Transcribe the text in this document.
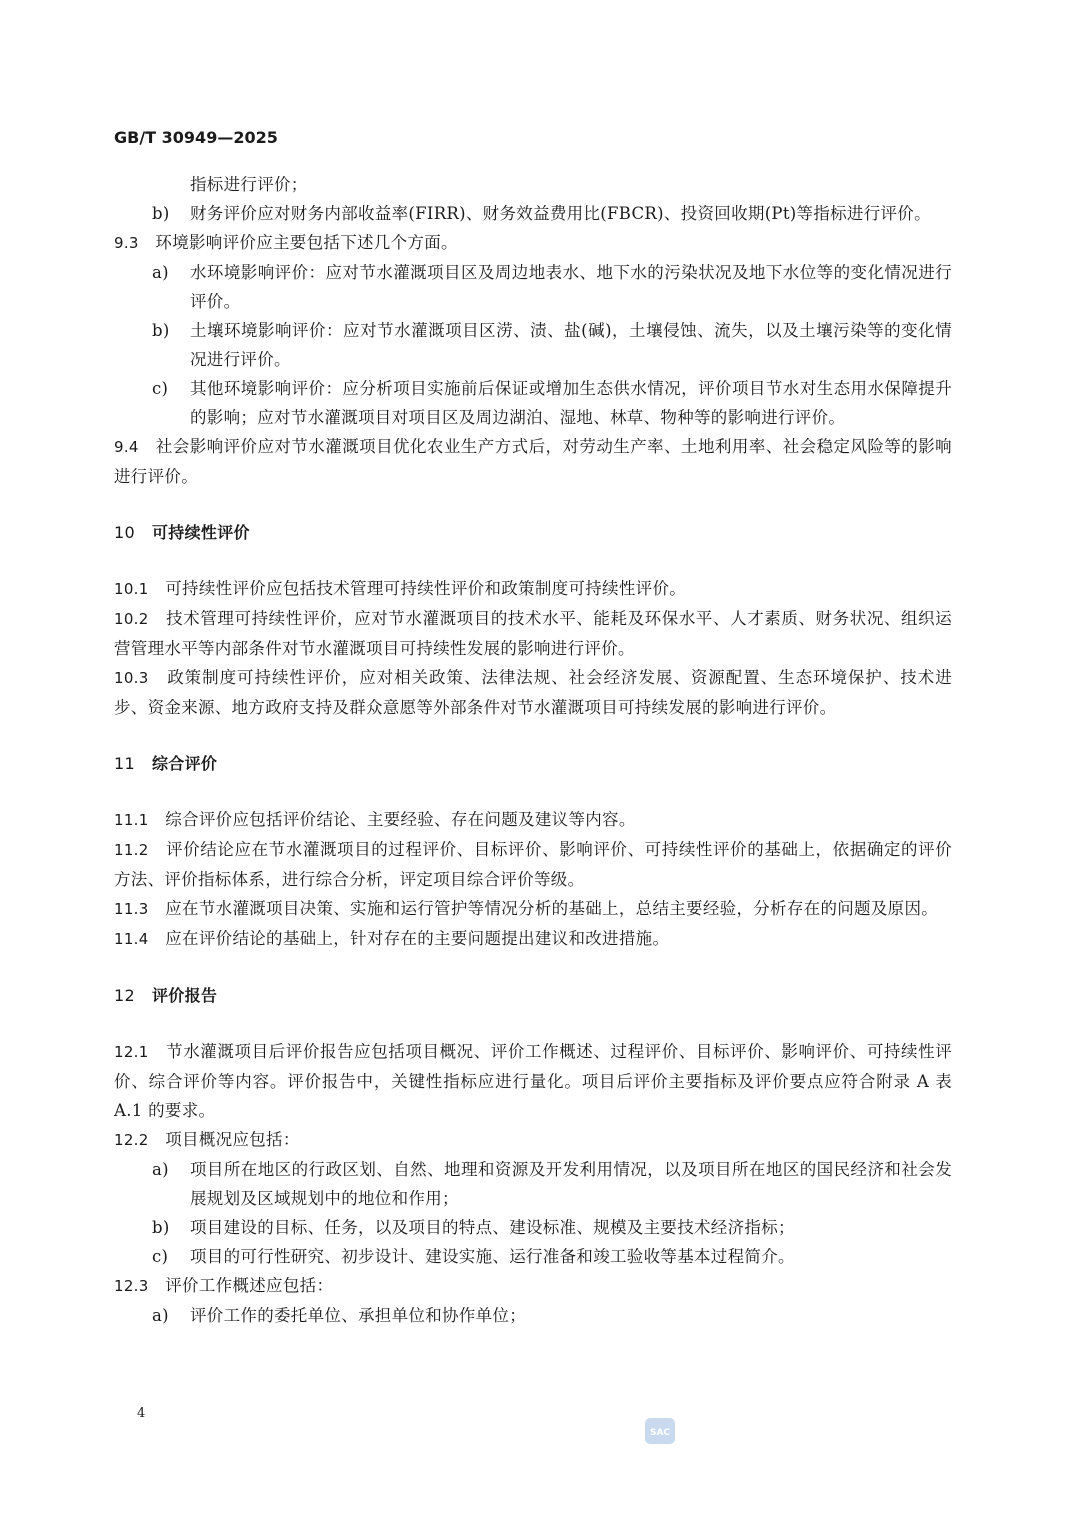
GB/T 30949—2025

指标进行评价；

b) 财务评价应对财务内部收益率(FIRR)、财务效益费用比(FBCR)、投资回收期(Pt)等指标进行评价。

9.3 环境影响评价应主要包括下述几个方面。

a) 水环境影响评价：应对节水灌溉项目区及周边地表水、地下水的污染状况及地下水位等的变化情况进行评价。
b) 土壤环境影响评价：应对节水灌溉项目区涝、渍、盐(碱)，土壤侵蚀、流失，以及土壤污染等的变化情况进行评价。
c) 其他环境影响评价：应分析项目实施前后保证或增加生态供水情况，评价项目节水对生态用水保障提升的影响；应对节水灌溉项目对项目区及周边湖泊、湿地、林草、物种等的影响进行评价。

9.4 社会影响评价应对节水灌溉项目优化农业生产方式后，对劳动生产率、土地利用率、社会稳定风险等的影响进行评价。

10 可持续性评价

10.1 可持续性评价应包括技术管理可持续性评价和政策制度可持续性评价。

10.2 技术管理可持续性评价，应对节水灌溉项目的技术水平、能耗及环保水平、人才素质、财务状况、组织运营管理水平等内部条件对节水灌溉项目可持续性发展的影响进行评价。

10.3 政策制度可持续性评价，应对相关政策、法律法规、社会经济发展、资源配置、生态环境保护、技术进步、资金来源、地方政府支持及群众意愿等外部条件对节水灌溉项目可持续发展的影响进行评价。

11 综合评价

11.1 综合评价应包括评价结论、主要经验、存在问题及建议等内容。

11.2 评价结论应在节水灌溉项目的过程评价、目标评价、影响评价、可持续性评价的基础上，依据确定的评价方法、评价指标体系，进行综合分析，评定项目综合评价等级。

11.3 应在节水灌溉项目决策、实施和运行管护等情况分析的基础上，总结主要经验，分析存在的问题及原因。

11.4 应在评价结论的基础上，针对存在的主要问题提出建议和改进措施。

12 评价报告

12.1 节水灌溉项目后评价报告应包括项目概况、评价工作概述、过程评价、目标评价、影响评价、可持续性评价、综合评价等内容。评价报告中，关键性指标应进行量化。项目后评价主要指标及评价要点应符合附录 A 表 A.1 的要求。

12.2 项目概况应包括：

a) 项目所在地区的行政区划、自然、地理和资源及开发利用情况，以及项目所在地区的国民经济和社会发展规划及区域规划中的地位和作用；
b) 项目建设的目标、任务，以及项目的特点、建设标准、规模及主要技术经济指标；
c) 项目的可行性研究、初步设计、建设实施、运行准备和竣工验收等基本过程简介。

12.3 评价工作概述应包括：

a) 评价工作的委托单位、承担单位和协作单位；
4
SAC
